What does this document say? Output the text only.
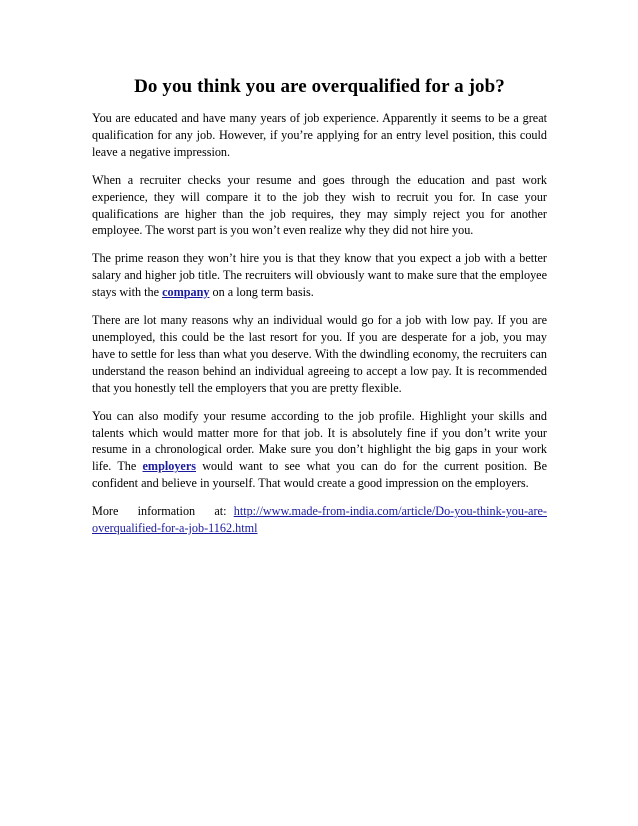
Do you think you are overqualified for a job?

You are educated and have many years of job experience. Apparently it seems to be a great qualification for any job. However, if you’re applying for an entry level position, this could leave a negative impression.

When a recruiter checks your resume and goes through the education and past work experience, they will compare it to the job they wish to recruit you for. In case your qualifications are higher than the job requires, they may simply reject you for another employee. The worst part is you won’t even realize why they did not hire you.

The prime reason they won’t hire you is that they know that you expect a job with a better salary and higher job title. The recruiters will obviously want to make sure that the employee stays with the company on a long term basis.

There are lot many reasons why an individual would go for a job with low pay. If you are unemployed, this could be the last resort for you. If you are desperate for a job, you may have to settle for less than what you deserve. With the dwindling economy, the recruiters can understand the reason behind an individual agreeing to accept a low pay. It is recommended that you honestly tell the employers that you are pretty flexible.

You can also modify your resume according to the job profile. Highlight your skills and talents which would matter more for that job. It is absolutely fine if you don’t write your resume in a chronological order. Make sure you don’t highlight the big gaps in your work life. The employers would want to see what you can do for the current position. Be confident and believe in yourself. That would create a good impression on the employers.

More information at: http://www.made-from-india.com/article/Do-you-think-you-are-overqualified-for-a-job-1162.html
